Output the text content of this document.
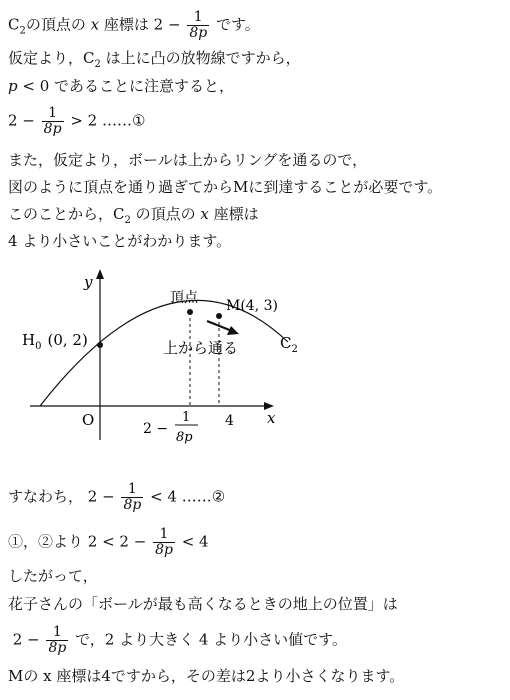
$C_2$の頂点の x 座標は $2 - \frac{1}{8p}$ です。
仮定より，$C_2$ は上に凸の放物線ですから，
p < 0 であることに注意すると，
$2 - \frac{1}{8p} > 2$ ……①
また，仮定より，ボールは上からリングを通るので，
図のように頂点を通り過ぎてからMに到達することが必要です。
このことから，$C_2$ の頂点の x 座標は
4 より小さいことがわかります。
y
x
O
$H_0$ (0, 2)
頂点 M(4, 3)
$C_2$
上から通る
2 −
1
8p
4
すなわち， $2 - \frac{1}{8p} < 4$ ……②
①，②より $2 < 2 - \frac{1}{8p} < 4$
したがって，
花子さんの「ボールが最も高くなるときの地上の位置」は
$2 - \frac{1}{8p}$ で，2 より大きく 4 より小さい値です。
Mの x 座標は4ですから，その差は2より小さくなります。
